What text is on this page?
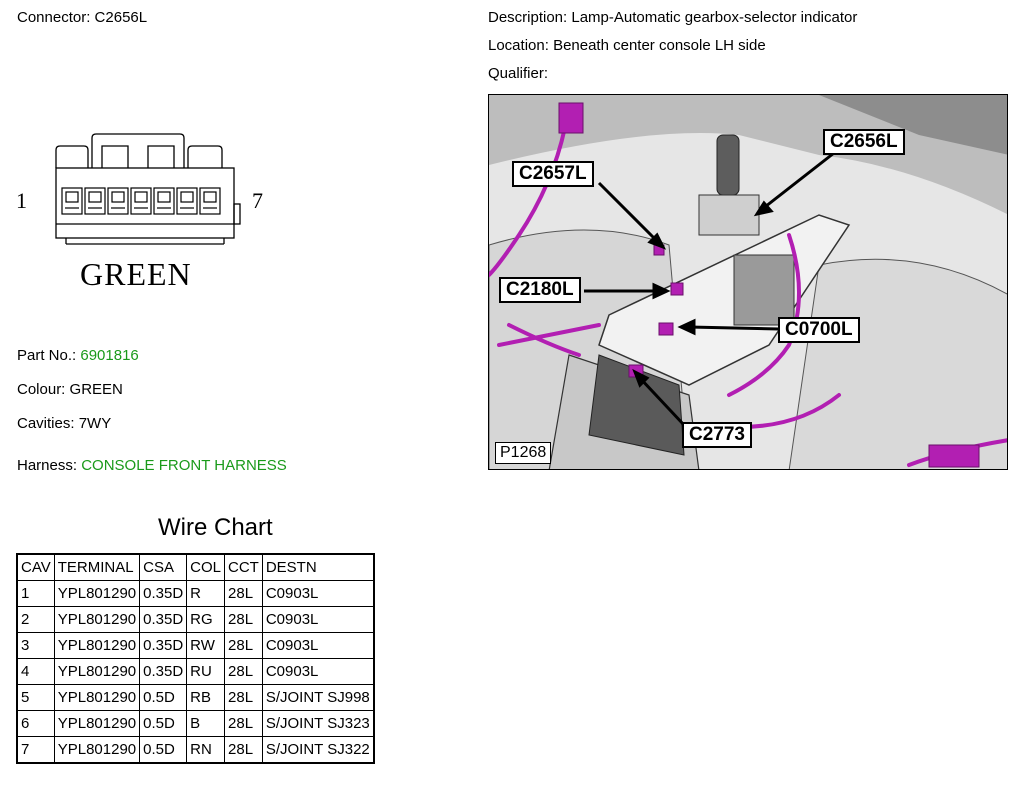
Connector: C2656L	Description: Lamp-Automatic gearbox-selector indicator
Location: Beneath center console LH side
Qualifier:
1	7
GREEN
Part No.: 6901816
Colour: GREEN
Cavities: 7WY
Harness: CONSOLE FRONT HARNESS
C2656L
C2657L
C2180L
C0700L
C2773
P1268
Wire Chart
CAV	TERMINAL	CSA	COL	CCT	DESTN
1	YPL801290	0.35D	R	28L	C0903L
2	YPL801290	0.35D	RG	28L	C0903L
3	YPL801290	0.35D	RW	28L	C0903L
4	YPL801290	0.35D	RU	28L	C0903L
5	YPL801290	0.5D	RB	28L	S/JOINT SJ998
6	YPL801290	0.5D	B	28L	S/JOINT SJ323
7	YPL801290	0.5D	RN	28L	S/JOINT SJ322
